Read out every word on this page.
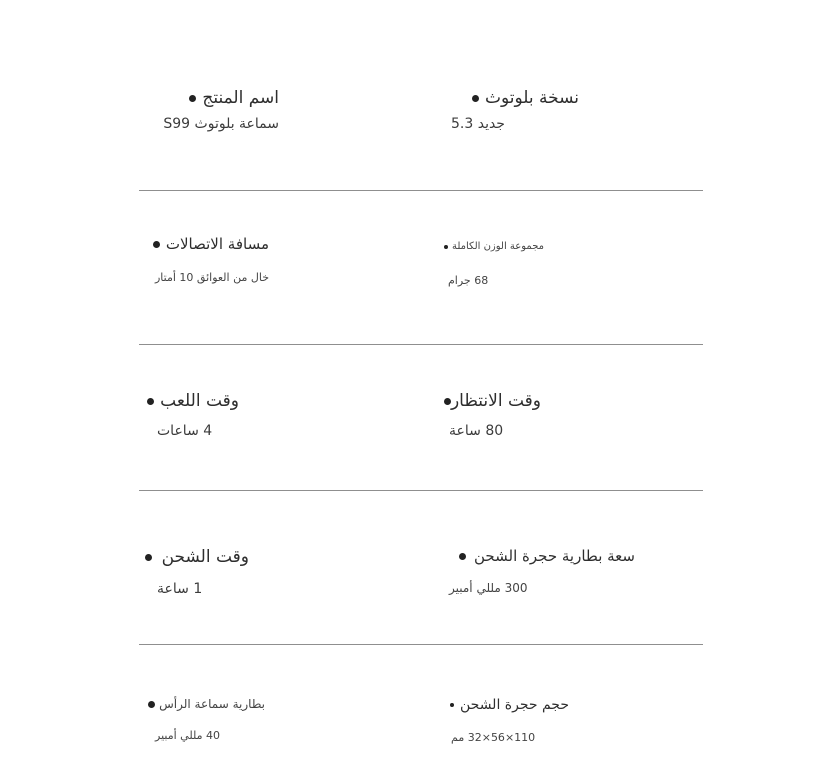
اسم المنتج
سماعة بلوتوث S99
نسخة بلوتوث
جديد 5.3
مسافة الاتصالات
خال من العوائق 10 أمتار
مجموعة الوزن الكاملة
68 جرام
وقت اللعب
4 ساعات
وقت الانتظار
80 ساعة
وقت الشحن
1 ساعة
سعة بطارية حجرة الشحن
300 مللي أمبير
بطارية سماعة الرأس
40 مللي أمبير
حجم حجرة الشحن
110×56×32 مم
